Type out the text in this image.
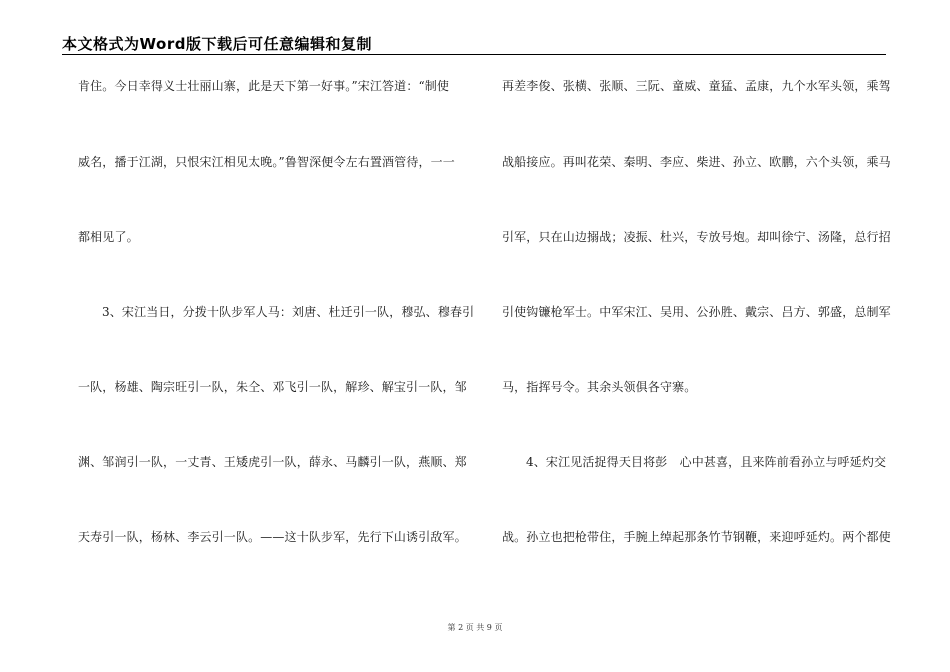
本文格式为Word版下载后可任意编辑和复制
肯住。今日幸得义士壮丽山寨，此是天下第一好事。”宋江答道：“制使
威名，播于江湖，只恨宋江相见太晚。”鲁智深便令左右置酒管待，一一
都相见了。
3、宋江当日，分拨十队步军人马：刘唐、杜迁引一队，穆弘、穆春引
一队，杨雄、陶宗旺引一队，朱仝、邓飞引一队，解珍、解宝引一队，邹
渊、邹润引一队，一丈青、王矮虎引一队，薛永、马麟引一队，燕顺、郑
天寿引一队，杨林、李云引一队。——这十队步军，先行下山诱引敌军。
再差李俊、张横、张顺、三阮、童威、童猛、孟康，九个水军头领，乘驾
战船接应。再叫花荣、秦明、李应、柴进、孙立、欧鹏，六个头领，乘马
引军，只在山边搦战；凌振、杜兴，专放号炮。却叫徐宁、汤隆，总行招
引使钩镰枪军士。中军宋江、吴用、公孙胜、戴宗、吕方、郭盛，总制军
马，指挥号令。其余头领俱各守寨。
4、宋江见活捉得天目将彭　心中甚喜，且来阵前看孙立与呼延灼交
战。孙立也把枪带住，手腕上绰起那条竹节钢鞭，来迎呼延灼。两个都使
第 2 页 共 9 页
